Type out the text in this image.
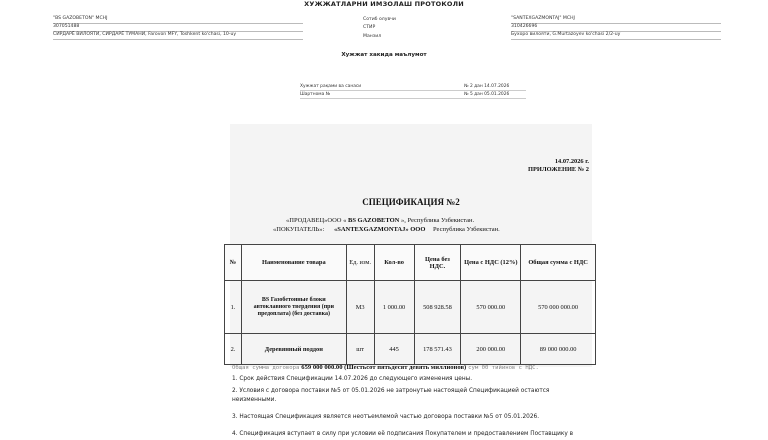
ХУЖЖАТЛАРНИ ИМЗОЛАШ ПРОТОКОЛИ
"BS GAZOBETON" MCHJ
307051488
СИРДАРЁ ВИЛОЯТИ, СИРДАРЁ ТУМАНИ, Farovon MFY, Toshkent ko'chasi, 10-uy
Сотиб олувчи
СТИР
Манзил
"SANTEXGAZMONTAJ" MCHJ
310426696
Бухоро вилояти, G.Murtazoyev ko'chasi 2/2-uy
Хужжат хакида маълумот
Хужжат рақами ва санаси	№ 2 дан 14.07.2026
Шартнома №	№ 5 дан 05.01.2026
14.07.2026 г.
ПРИЛОЖЕНИЕ № 2
СПЕЦИФИКАЦИЯ №2
«ПРОДАВЕЦ»ООО « BS GAZOBETON », Республика Узбекистан.
«ПОКУПАТЕЛЬ»: «SANTEXGAZMONTAJ» ООО Республика Узбекистан.
№	Наименование товара	Ед. изм.	Кол-во	Цена без НДС.	Цена с НДС (12%)	Общая сумма с НДС
1.	BS Газобетонные блоки автоклавного твердения (при предоплата) (без доставка)	М3	1 000.00	508 928.58	570 000.00	570 000 000.00
2.	Деревянный поддон	шт	445	178 571.43	200 000.00	89 000 000.00
Общая сумма договора 659 000 000.00 (Шестьсот пятьдесят девять миллионов) сум 00 тийинов с НДС.
1. Срок действия Спецификации 14.07.2026 до следующего изменения цены.
2. Условия с договора поставки №5 от 05.01.2026 не затронутые настоящей Спецификацией остаются
неизменными.
3. Настоящая Спецификация является неотъемлемой частью договора поставки №5 от 05.01.2026.
4. Спецификация вступает в силу при условии её подписания Покупателем и предоставлением Поставщику в
